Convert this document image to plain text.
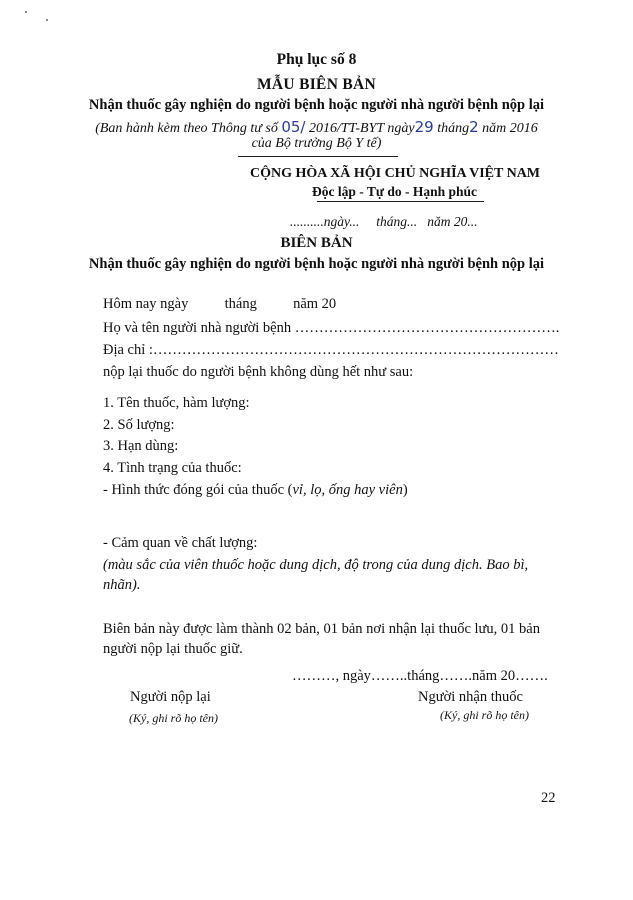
Phụ lục số 8
MẪU BIÊN BẢN
Nhận thuốc gây nghiện do người bệnh hoặc người nhà người bệnh nộp lại
(Ban hành kèm theo Thông tư số 05/ 2016/TT-BYT ngày29 tháng2 năm 2016
của Bộ trưởng Bộ Y tế)
CỘNG HÒA XÃ HỘI CHỦ NGHĨA VIỆT NAM
Độc lập - Tự do - Hạnh phúc
..........ngày...     tháng...   năm 20...
BIÊN BẢN
Nhận thuốc gây nghiện do người bệnh hoặc người nhà người bệnh nộp lại
Hôm nay ngày          tháng          năm 20
Họ và tên người nhà người bệnh ……………………………………………….
Địa chỉ :…………………………………………………………………………
nộp lại thuốc do người bệnh không dùng hết như sau:
1. Tên thuốc, hàm lượng:
2. Số lượng:
3. Hạn dùng:
4. Tình trạng của thuốc:
- Hình thức đóng gói của thuốc (vỉ, lọ, ống hay viên)
- Cảm quan về chất lượng:
(màu sắc của viên thuốc hoặc dung dịch, độ trong của dung dịch. Bao bì,
nhãn).
Biên bản này được làm thành 02 bản, 01 bản nơi nhận lại thuốc lưu, 01 bản
người nộp lại thuốc giữ.
………, ngày……..tháng…….năm 20…….
Người nộp lại
(Ký, ghi rõ họ tên)
Người nhận thuốc
(Ký, ghi rõ họ tên)
22
